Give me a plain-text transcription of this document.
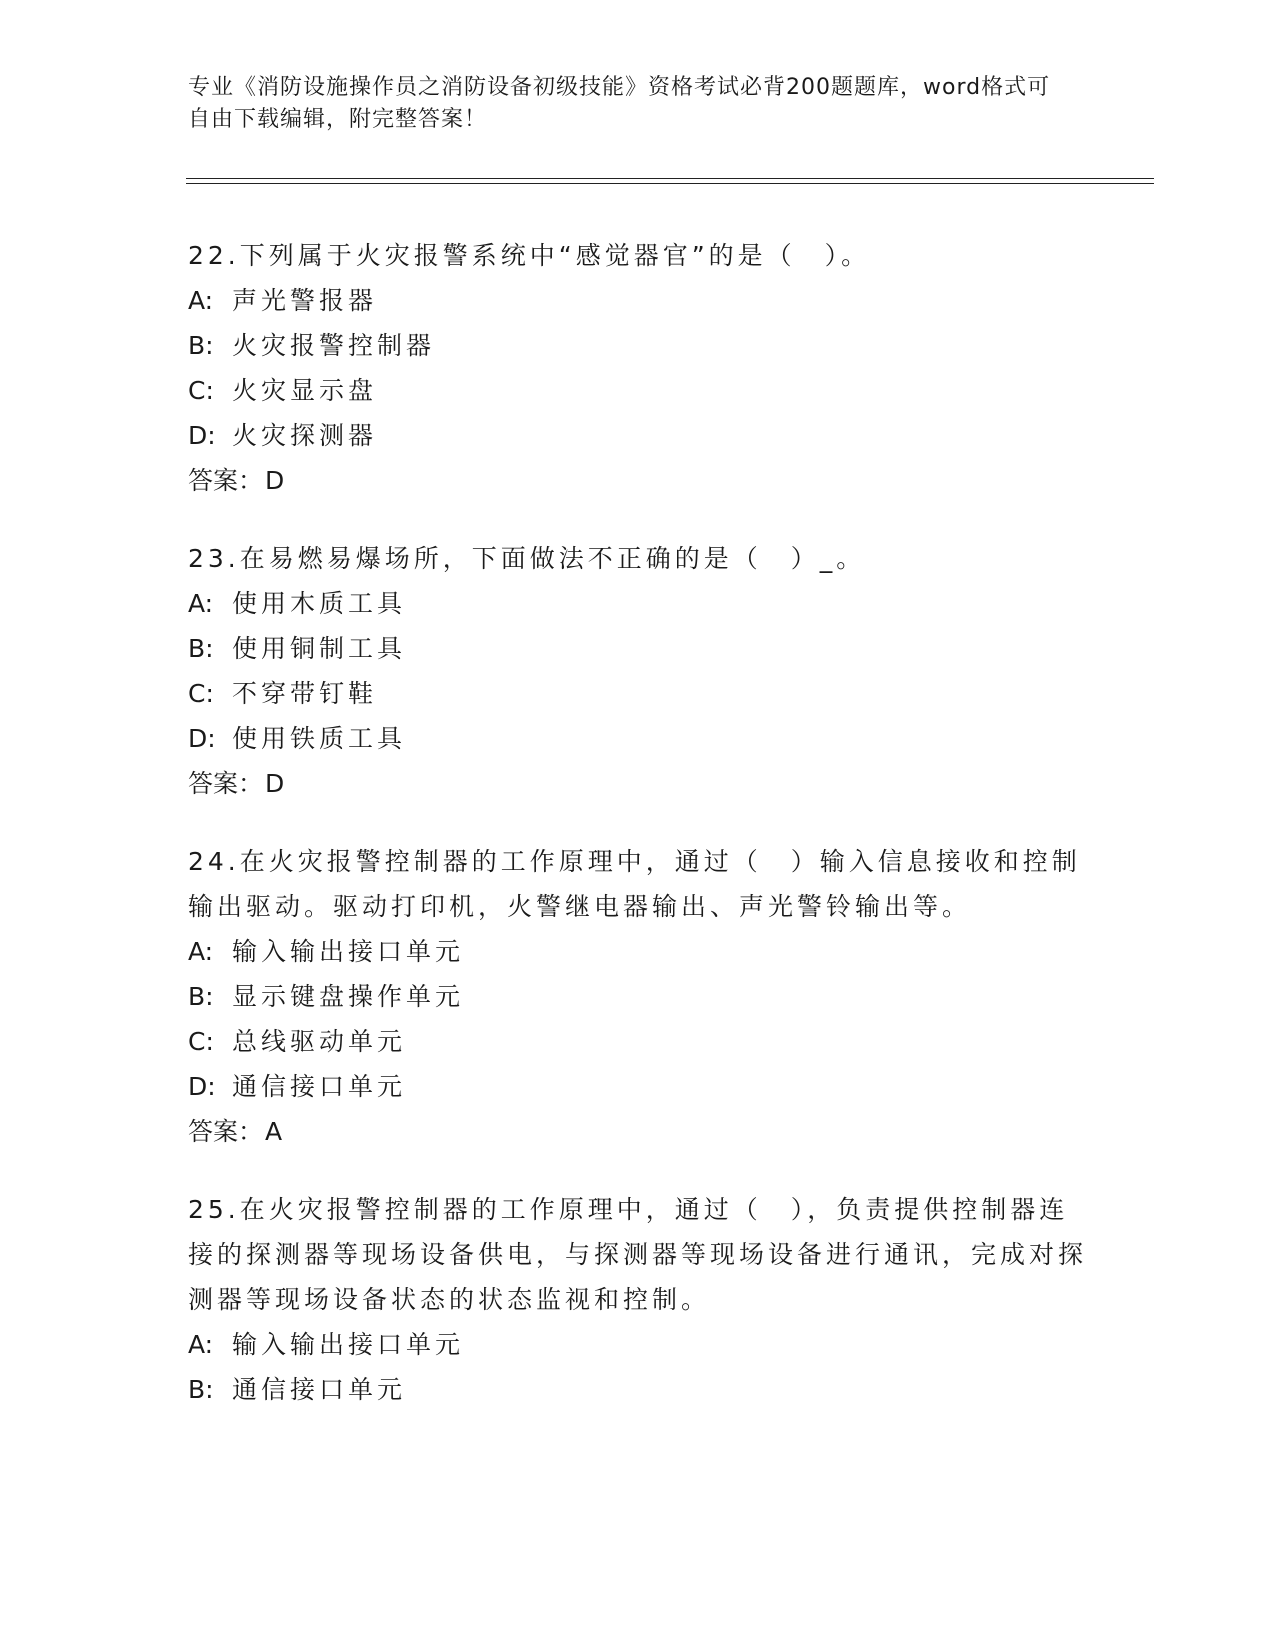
专业《消防设施操作员之消防设备初级技能》资格考试必背200题题库，word格式可自由下载编辑，附完整答案！
22.下列属于火灾报警系统中“感觉器官”的是（　）。
A: 声光警报器
B: 火灾报警控制器
C: 火灾显示盘
D: 火灾探测器
答案：D
23.在易燃易爆场所，下面做法不正确的是（　）_。
A: 使用木质工具
B: 使用铜制工具
C: 不穿带钉鞋
D: 使用铁质工具
答案：D
24.在火灾报警控制器的工作原理中，通过（　）输入信息接收和控制输出驱动。驱动打印机，火警继电器输出、声光警铃输出等。
A: 输入输出接口单元
B: 显示键盘操作单元
C: 总线驱动单元
D: 通信接口单元
答案：A
25.在火灾报警控制器的工作原理中，通过（　），负责提供控制器连接的探测器等现场设备供电，与探测器等现场设备进行通讯，完成对探测器等现场设备状态的状态监视和控制。
A: 输入输出接口单元
B: 通信接口单元
